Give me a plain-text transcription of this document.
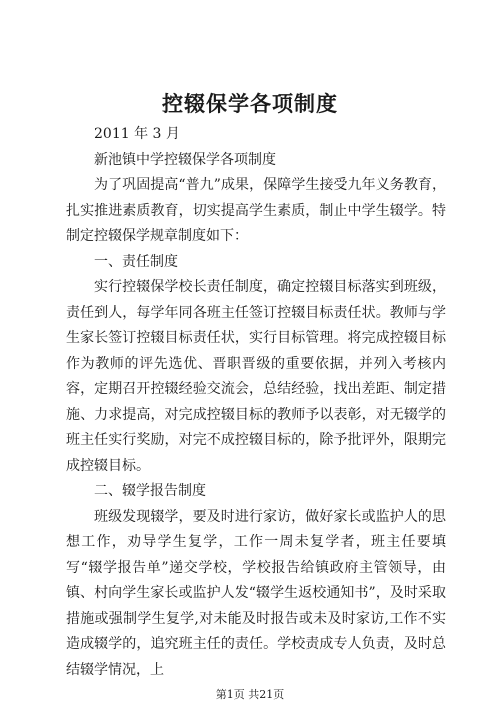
控辍保学各项制度

2011 年 3 月

新池镇中学控辍保学各项制度

为了巩固提高“普九”成果，保障学生接受九年义务教育，扎实推进素质教育，切实提高学生素质，制止中学生辍学。特制定控辍保学规章制度如下：

一、责任制度

实行控辍保学校长责任制度，确定控辍目标落实到班级，责任到人，每学年同各班主任签订控辍目标责任状。教师与学生家长签订控辍目标责任状，实行目标管理。将完成控辍目标作为教师的评先选优、晋职晋级的重要依据，并列入考核内容，定期召开控辍经验交流会，总结经验，找出差距、制定措施、力求提高，对完成控辍目标的教师予以表彰，对无辍学的班主任实行奖励，对完不成控辍目标的，除予批评外，限期完成控辍目标。

二、辍学报告制度

班级发现辍学，要及时进行家访，做好家长或监护人的思想工作，劝导学生复学，工作一周未复学者，班主任要填写“辍学报告单”递交学校，学校报告给镇政府主管领导，由镇、村向学生家长或监护人发“辍学生返校通知书”，及时采取措施或强制学生复学,对未能及时报告或未及时家访,工作不实造成辍学的，追究班主任的责任。学校责成专人负责，及时总结辍学情况，上

第1页 共21页
